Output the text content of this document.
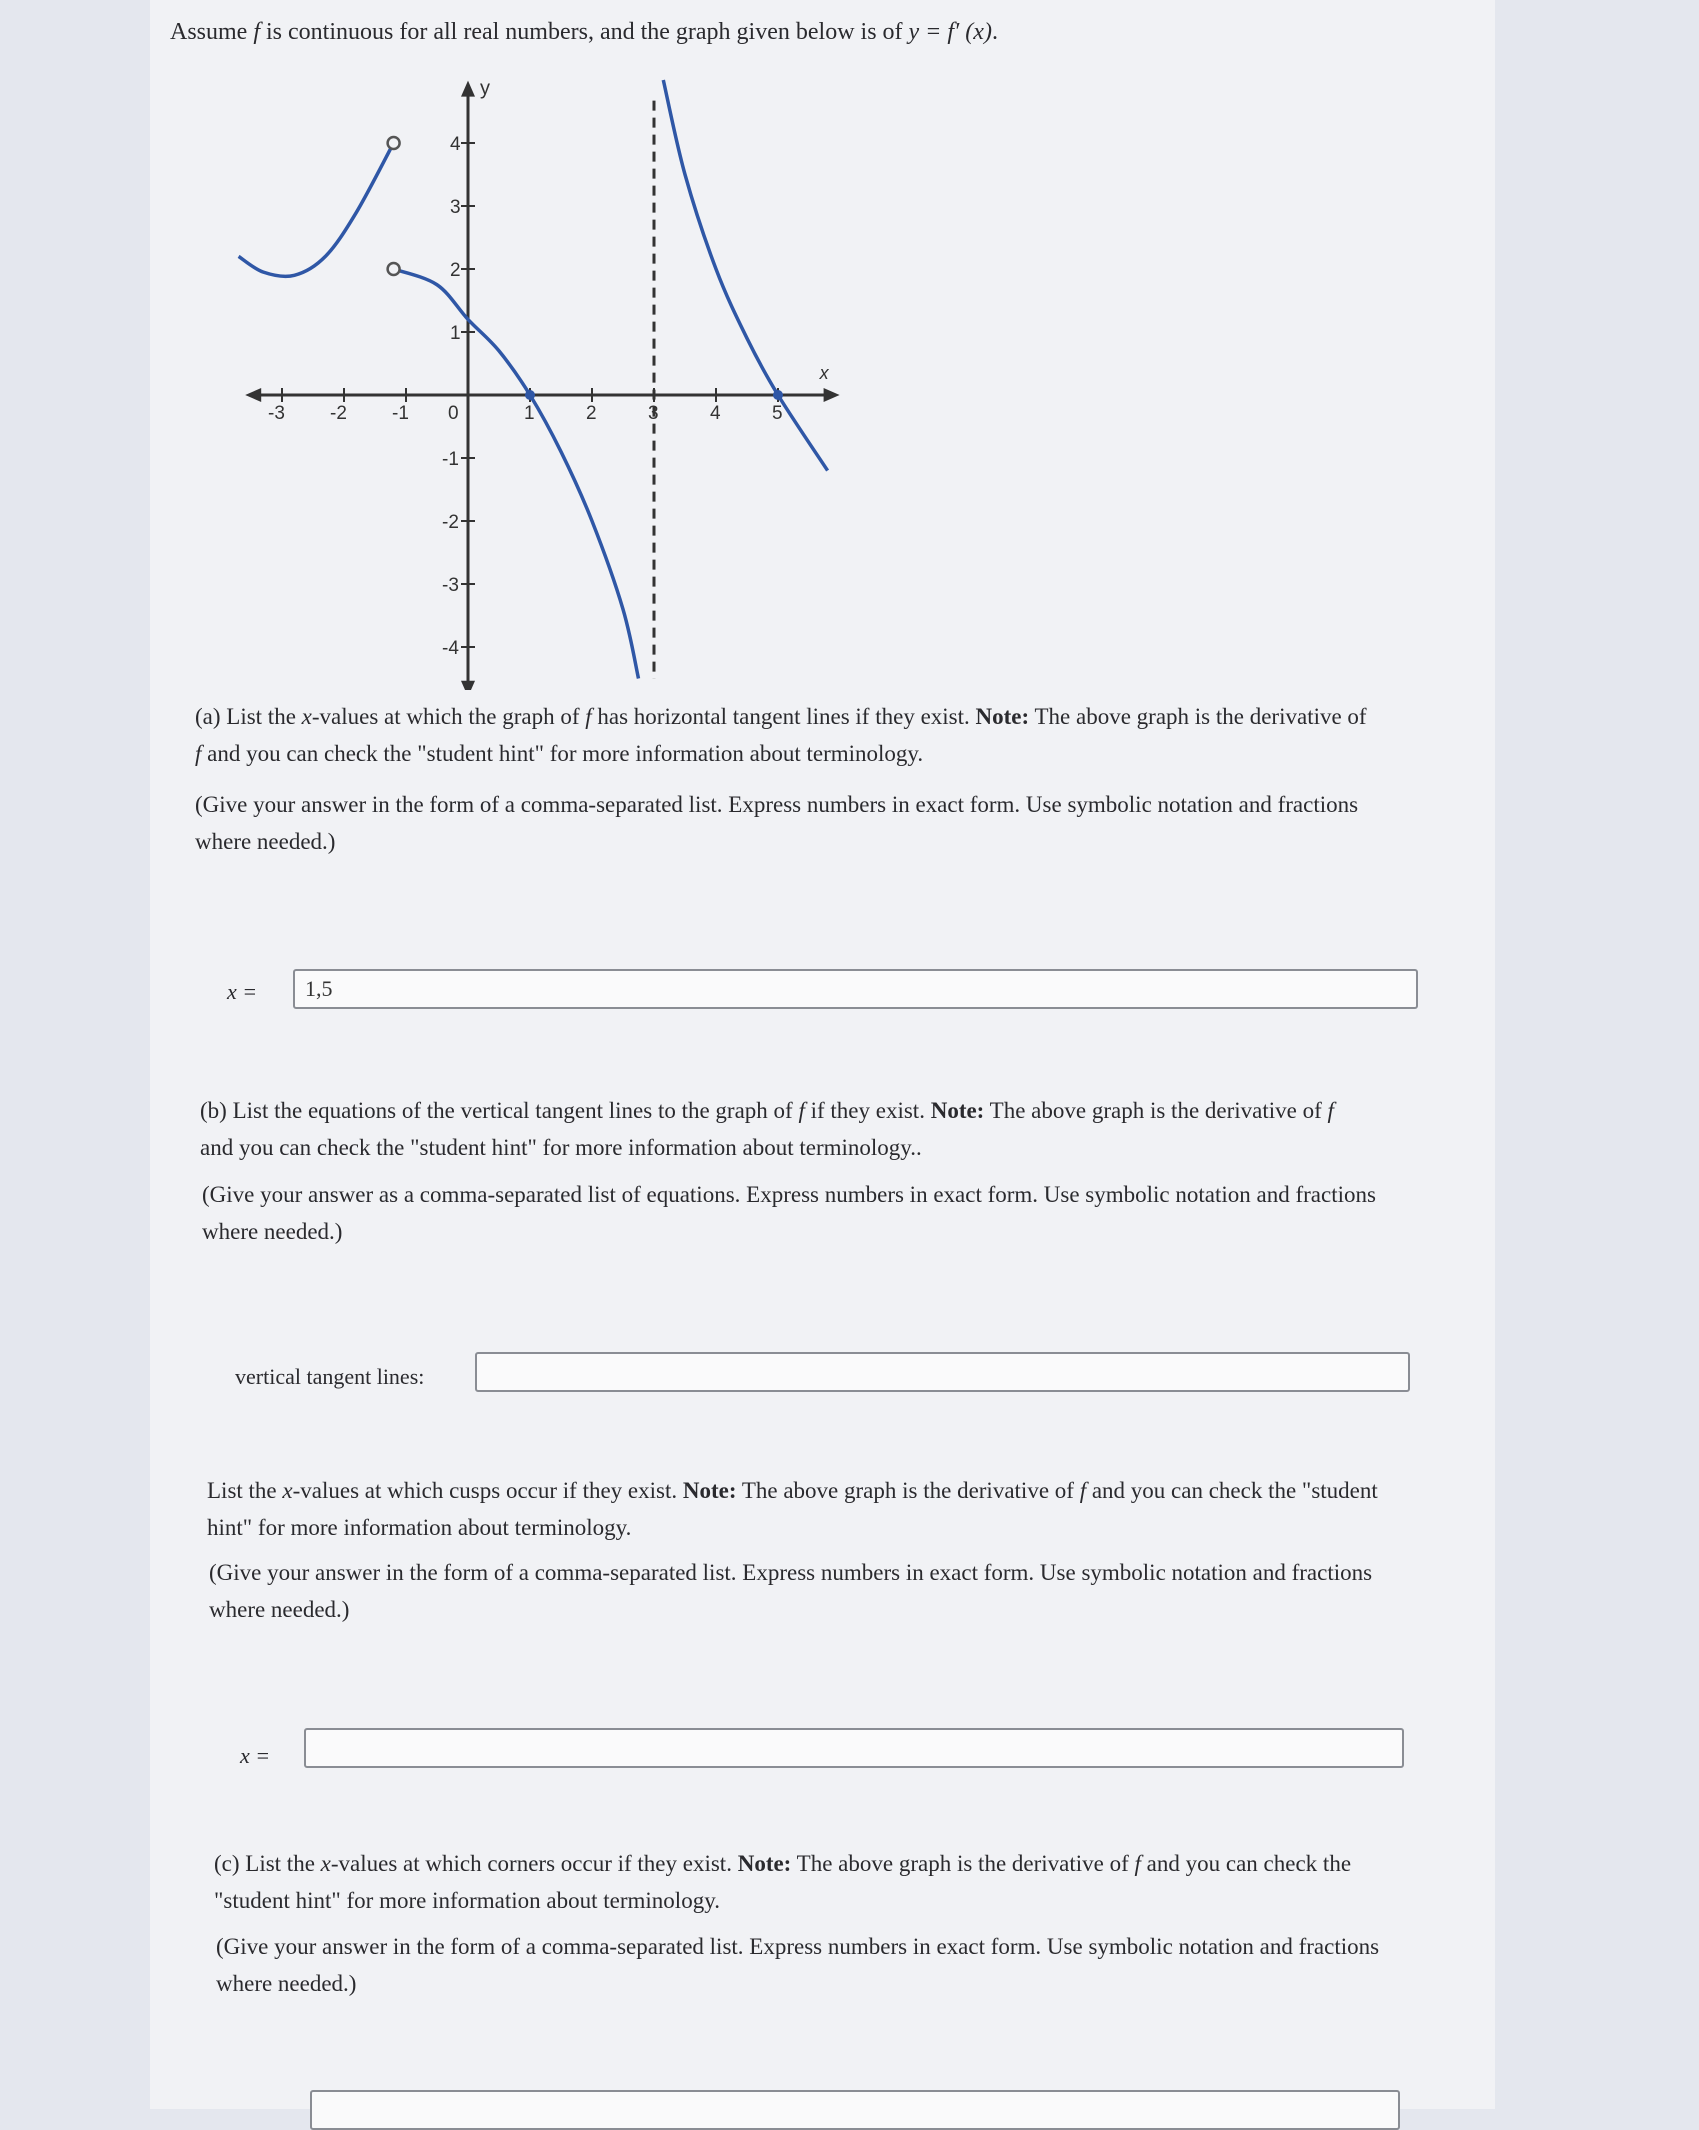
Assume f is continuous for all real numbers, and the graph given below is of y = f′ (x).
x
y
-3 -2 -1 0	1	2	3	4	5
4
3
2
1
-1
-2
-3
-4
(a) List the x-values at which the graph of f has horizontal tangent lines if they exist. Note: The above graph is the derivative of
f and you can check the "student hint" for more information about terminology.
(Give your answer in the form of a comma-separated list. Express numbers in exact form. Use symbolic notation and fractions
where needed.)
x =	1,5
(b) List the equations of the vertical tangent lines to the graph of f if they exist. Note: The above graph is the derivative of f
and you can check the "student hint" for more information about terminology..
(Give your answer as a comma-separated list of equations. Express numbers in exact form. Use symbolic notation and fractions
where needed.)
vertical tangent lines:
List the x-values at which cusps occur if they exist. Note: The above graph is the derivative of f and you can check the "student
hint" for more information about terminology.
(Give your answer in the form of a comma-separated list. Express numbers in exact form. Use symbolic notation and fractions
where needed.)
x =
(c) List the x-values at which corners occur if they exist. Note: The above graph is the derivative of f and you can check the
"student hint" for more information about terminology.
(Give your answer in the form of a comma-separated list. Express numbers in exact form. Use symbolic notation and fractions
where needed.)
